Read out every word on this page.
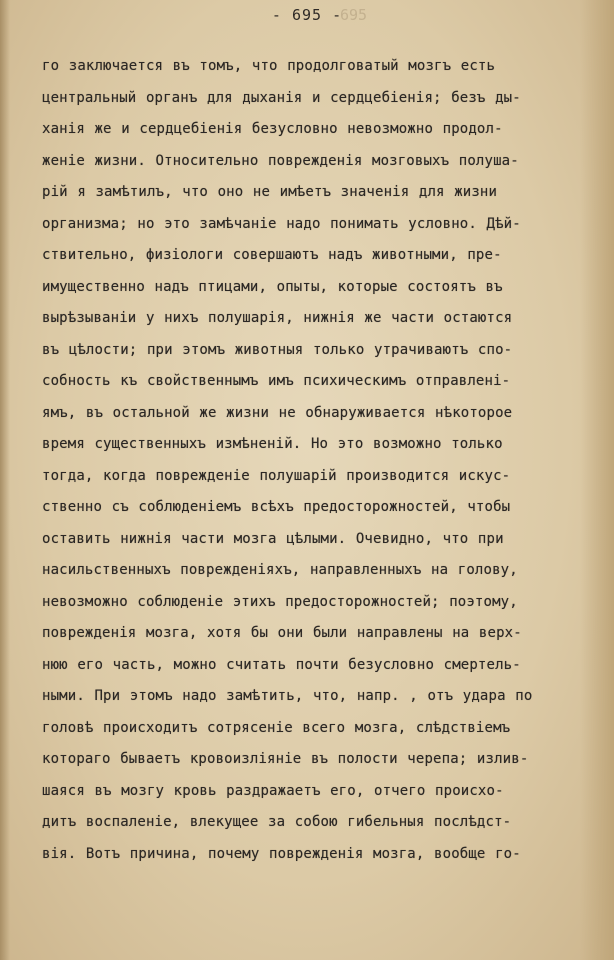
- 695 -
695
го заключается въ томъ, что продолговатый мозгъ есть
центральный органъ для дыханія и сердцебіенія; безъ ды-
ханія же и сердцебіенія безусловно невозможно продол-
женіе жизни. Относительно поврежденія мозговыхъ полуша-
рій я замѣтилъ, что оно не имѣетъ значенія для жизни
организма; но это замѣчаніе надо понимать условно. Дѣй-
ствительно, физіологи совершаютъ надъ животными, пре-
имущественно надъ птицами, опыты, которые состоятъ въ
вырѣзываніи у нихъ полушарія, нижнія же части остаются
въ цѣлости; при этомъ животныя только утрачиваютъ спо-
собность къ свойственнымъ имъ психическимъ отправленi-
ямъ, въ остальной же жизни не обнаруживается нѣкоторое
время существенныхъ измѣненій. Но это возможно только
тогда, когда поврежденіе полушарій производится искус-
ственно съ соблюденіемъ всѣхъ предосторожностей, чтобы
оставить нижнія части мозга цѣлыми. Очевидно, что при
насильственныхъ поврежденіяхъ, направленныхъ на голову,
невозможно соблюденіе этихъ предосторожностей; поэтому,
поврежденія мозга, хотя бы они были направлены на верх-
нюю его часть, можно считать почти безусловно смертель-
ными. При этомъ надо замѣтить, что, напр. , отъ удара по
головѣ происходитъ сотрясеніе всего мозга, слѣдствіемъ
котораго бываетъ кровоизліяніе въ полости черепа; излив-
шаяся въ мозгу кровь раздражаетъ его, отчего происхо-
дитъ воспаленіе, влекущее за собою гибельныя послѣдст-
вія. Вотъ причина, почему поврежденія мозга, вообще го-
